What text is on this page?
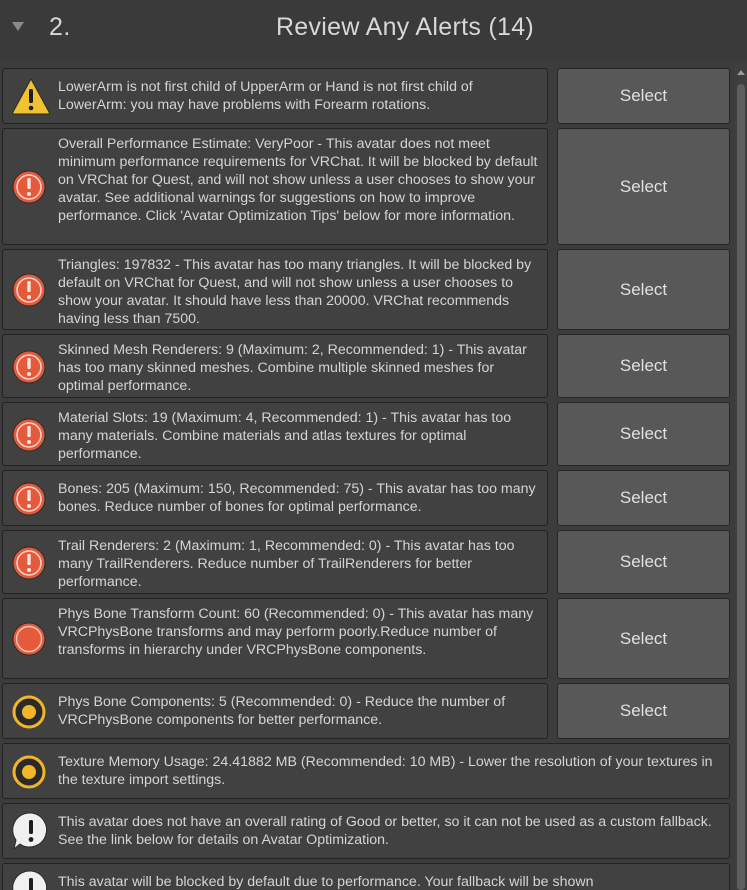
2.	Review Any Alerts (14)

LowerArm is not first child of UpperArm or Hand is not first child of LowerArm: you may have problems with Forearm rotations.

Select

Overall Performance Estimate: VeryPoor - This avatar does not meet minimum performance requirements for VRChat. It will be blocked by default on VRChat for Quest, and will not show unless a user chooses to show your avatar. See additional warnings for suggestions on how to improve performance. Click 'Avatar Optimization Tips' below for more information.

Select

Triangles: 197832 - This avatar has too many triangles. It will be blocked by default on VRChat for Quest, and will not show unless a user chooses to show your avatar. It should have less than 20000. VRChat recommends having less than 7500.

Select

Skinned Mesh Renderers: 9 (Maximum: 2, Recommended: 1) - This avatar has too many skinned meshes. Combine multiple skinned meshes for optimal performance.

Select

Material Slots: 19 (Maximum: 4, Recommended: 1) - This avatar has too many materials. Combine materials and atlas textures for optimal performance.

Select

Bones: 205 (Maximum: 150, Recommended: 75) - This avatar has too many bones. Reduce number of bones for optimal performance.

Select

Trail Renderers: 2 (Maximum: 1, Recommended: 0) - This avatar has too many TrailRenderers. Reduce number of TrailRenderers for better performance.

Select

Phys Bone Transform Count: 60 (Recommended: 0) - This avatar has many VRCPhysBone transforms and may perform poorly.Reduce number of transforms in hierarchy under VRCPhysBone components.

Select

Phys Bone Components: 5 (Recommended: 0) - Reduce the number of VRCPhysBone components for better performance.

Select

Texture Memory Usage: 24.41882 MB (Recommended: 10 MB) - Lower the resolution of your textures in the texture import settings.

This avatar does not have an overall rating of Good or better, so it can not be used as a custom fallback. See the link below for details on Avatar Optimization.

This avatar will be blocked by default due to performance. Your fallback will be shown
